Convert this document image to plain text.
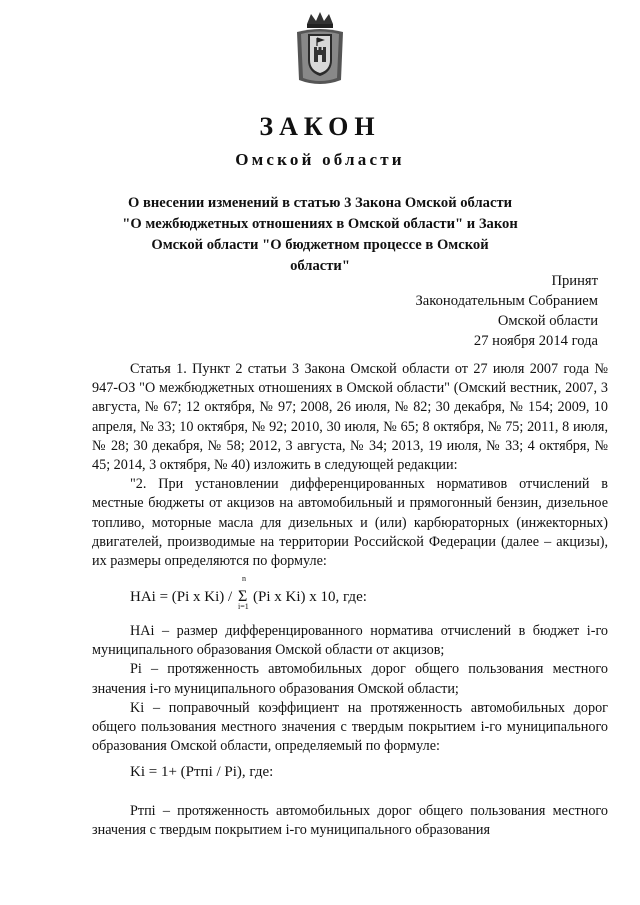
ЗАКОН
Омской области
О внесении изменений в статью 3 Закона Омской области
"О межбюджетных отношениях в Омской области" и Закон
Омской области "О бюджетном процессе в Омской области"
Принят
Законодательным Собранием
Омской области
27 ноября 2014 года

Статья 1. Пункт 2 статьи 3 Закона Омской области от 27 июля 2007 года № 947-ОЗ "О межбюджетных отношениях в Омской области" (Омский вестник, 2007, 3 августа, № 67; 12 октября, № 97; 2008, 26 июля, № 82; 30 декабря, № 154; 2009, 10 апреля, № 33; 10 октября, № 92; 2010, 30 июля, № 65; 8 октября, № 75; 2011, 8 июля, № 28; 30 декабря, № 58; 2012, 3 августа, № 34; 2013, 19 июля, № 33; 4 октября, № 45; 2014, 3 октября, № 40) изложить в следующей редакции:

"2. При установлении дифференцированных нормативов отчислений в местные бюджеты от акцизов на автомобильный и прямогонный бензин, дизельное топливо, моторные масла для дизельных и (или) карбюраторных (инжекторных) двигателей, производимые на территории Российской Федерации (далее – акцизы), их размеры определяются по формуле:

HAi = (Pi x Ki) /
n
Σ
i=1
(Pi x Ki) x 10, где:

HAi – размер дифференцированного норматива отчислений в бюджет i-го муниципального образования Омской области от акцизов;

Pi – протяженность автомобильных дорог общего пользования местного значения i-го муниципального образования Омской области;

Ki – поправочный коэффициент на протяженность автомобильных дорог общего пользования местного значения с твердым покрытием i-го муниципального образования Омской области, определяемый по формуле:

Ki = 1+ (Pтпi / Pi), где:

Pтпi – протяженность автомобильных дорог общего пользования местного значения с твердым покрытием i-го муниципального образования
